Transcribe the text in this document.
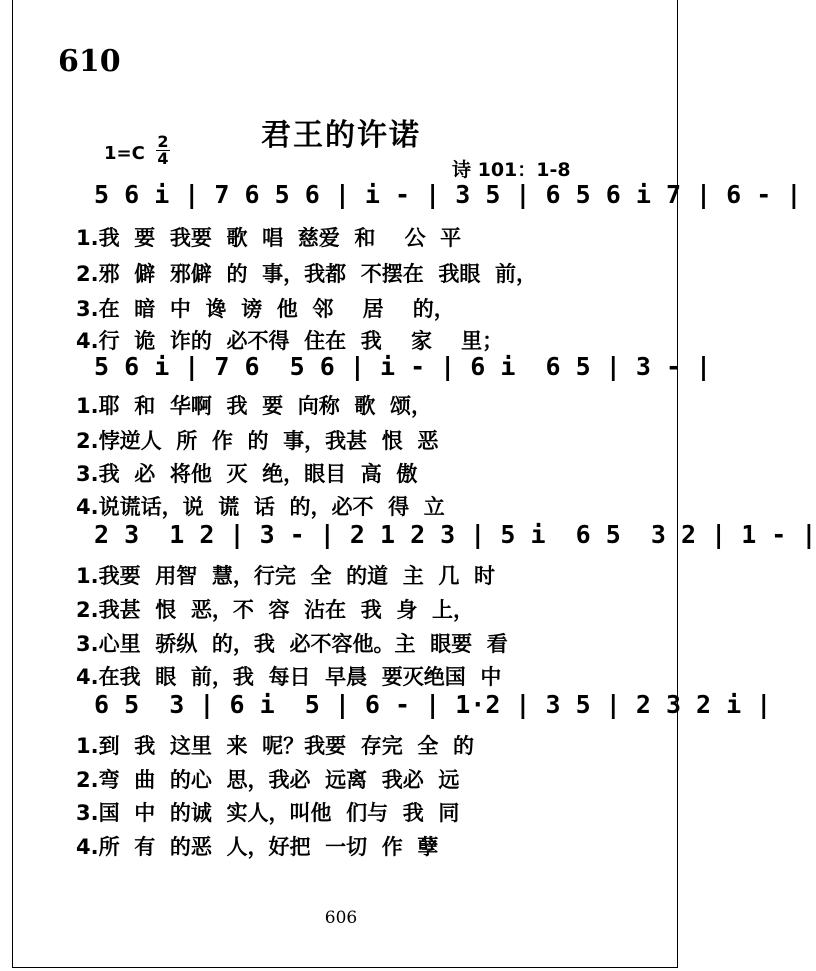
610
君王的许诺
1=C
2
4
诗 101：1-8
5 6 i | 7 6 5 6 | i - | 3 5 | 6 5 6 i 7 | 6 - |
1.我  要  我要  歌  唱  慈爱  和    公  平
2.邪  僻  邪僻  的  事，我都  不摆在  我眼  前，
3.在  暗  中  谗  谤  他  邻    居    的，
4.行  诡  诈的  必不得  住在  我    家    里；
5 6 i | 7 6  5 6 | i - | 6 i  6 5 | 3 - |
1.耶  和  华啊  我  要  向称  歌  颂，
2.悖逆人  所  作  的  事，我甚  恨  恶
3.我  必  将他  灭  绝，眼目  高  傲
4.说谎话，说  谎  话  的，必不  得  立
2 3  1 2 | 3 - | 2 1 2 3 | 5 i  6 5  3 2 | 1 - |
1.我要  用智  慧，行完  全  的道  主  几  时
2.我甚  恨  恶，不  容  沾在  我  身  上，
3.心里  骄纵  的，我  必不容他。主  眼要  看
4.在我  眼  前，我  每日  早晨  要灭绝国  中
6 5  3 | 6 i  5 | 6 - | 1·2 | 3 5 | 2 3 2 i |
1.到  我  这里  来  呢？我要  存完  全  的
2.弯  曲  的心  思，我必  远离  我必  远
3.国  中  的诚  实人，叫他  们与  我  同
4.所  有  的恶  人，好把  一切  作  孽
606
